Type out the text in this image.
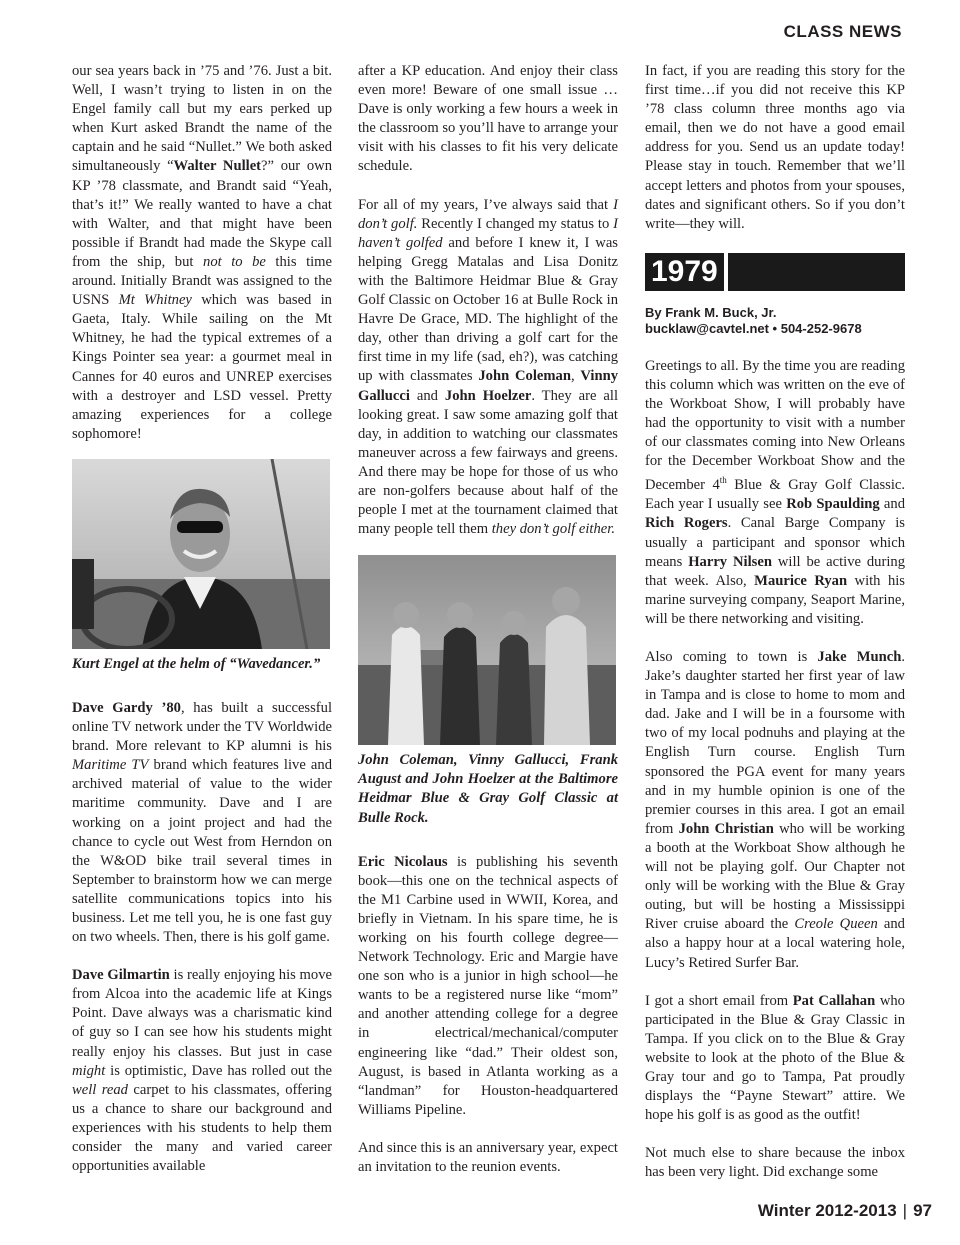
CLASS NEWS

our sea years back in ’75 and ’76. Just a bit. Well, I wasn’t trying to listen in on the Engel family call but my ears perked up when Kurt asked Brandt the name of the captain and he said “Nullet.” We both asked simultaneously “Walter Nullet?” our own KP ’78 classmate, and Brandt said “Yeah, that’s it!” We really wanted to have a chat with Walter, and that might have been possible if Brandt had made the Skype call from the ship, but not to be this time around. Initially Brandt was assigned to the USNS Mt Whitney which was based in Gaeta, Italy. While sailing on the Mt Whitney, he had the typical extremes of a Kings Pointer sea year: a gourmet meal in Cannes for 40 euros and UNREP exercises with a destroyer and LSD vessel. Pretty amazing experiences for a college sophomore!

Kurt Engel at the helm of “Wavedancer.”

Dave Gardy ’80, has built a successful online TV network under the TV Worldwide brand. More relevant to KP alumni is his Maritime TV brand which features live and archived material of value to the wider maritime community. Dave and I are working on a joint project and had the chance to cycle out West from Herndon on the W&OD bike trail several times in September to brainstorm how we can merge satellite communications topics into his business. Let me tell you, he is one fast guy on two wheels. Then, there is his golf game.

Dave Gilmartin is really enjoying his move from Alcoa into the academic life at Kings Point. Dave always was a charismatic kind of guy so I can see how his students might really enjoy his classes. But just in case might is optimistic, Dave has rolled out the well read carpet to his classmates, offering us a chance to share our background and experiences with his students to help them consider the many and varied career opportunities available

after a KP education. And enjoy their class even more! Beware of one small issue … Dave is only working a few hours a week in the classroom so you’ll have to arrange your visit with his classes to fit his very delicate schedule.

For all of my years, I’ve always said that I don’t golf. Recently I changed my status to I haven’t golfed and before I knew it, I was helping Gregg Matalas and Lisa Donitz with the Baltimore Heidmar Blue & Gray Golf Classic on October 16 at Bulle Rock in Havre De Grace, MD. The highlight of the day, other than driving a golf cart for the first time in my life (sad, eh?), was catching up with classmates John Coleman, Vinny Gallucci and John Hoelzer. They are all looking great. I saw some amazing golf that day, in addition to watching our classmates maneuver across a few fairways and greens. And there may be hope for those of us who are non-golfers because about half of the people I met at the tournament claimed that many people tell them they don’t golf either.

John Coleman, Vinny Gallucci, Frank August and John Hoelzer at the Baltimore Heidmar Blue & Gray Golf Classic at Bulle Rock.

Eric Nicolaus is publishing his seventh book—this one on the technical aspects of the M1 Carbine used in WWII, Korea, and briefly in Vietnam. In his spare time, he is working on his fourth college degree—Network Technology. Eric and Margie have one son who is a junior in high school—he wants to be a registered nurse like “mom” and another attending college for a degree in electrical/mechanical/computer engineering like “dad.” Their oldest son, August, is based in Atlanta working as a “landman” for Houston-headquartered Williams Pipeline.

And since this is an anniversary year, expect an invitation to the reunion events.

In fact, if you are reading this story for the first time…if you did not receive this KP ’78 class column three months ago via email, then we do not have a good email address for you. Send us an update today! Please stay in touch. Remember that we’ll accept letters and photos from your spouses, dates and significant others. So if you don’t write—they will.

1979
By Frank M. Buck, Jr.
bucklaw@cavtel.net • 504-252-9678

Greetings to all. By the time you are reading this column which was written on the eve of the Workboat Show, I will probably have had the opportunity to visit with a number of our classmates coming into New Orleans for the December Workboat Show and the December 4th Blue & Gray Golf Classic. Each year I usually see Rob Spaulding and Rich Rogers. Canal Barge Company is usually a participant and sponsor which means Harry Nilsen will be active during that week. Also, Maurice Ryan with his marine surveying company, Seaport Marine, will be there networking and visiting.

Also coming to town is Jake Munch. Jake’s daughter started her first year of law in Tampa and is close to home to mom and dad. Jake and I will be in a foursome with two of my local podnuhs and playing at the English Turn course. English Turn sponsored the PGA event for many years and in my humble opinion is one of the premier courses in this area. I got an email from John Christian who will be working a booth at the Workboat Show although he will not be playing golf. Our Chapter not only will be working with the Blue & Gray outing, but will be hosting a Mississippi River cruise aboard the Creole Queen and also a happy hour at a local watering hole, Lucy’s Retired Surfer Bar.

I got a short email from Pat Callahan who participated in the Blue & Gray Classic in Tampa. If you click on to the Blue & Gray website to look at the photo of the Blue & Gray tour and go to Tampa, Pat proudly displays the “Payne Stewart” attire. We hope his golf is as good as the outfit!

Not much else to share because the inbox has been very light. Did exchange some

Winter 2012-2013 | 97
